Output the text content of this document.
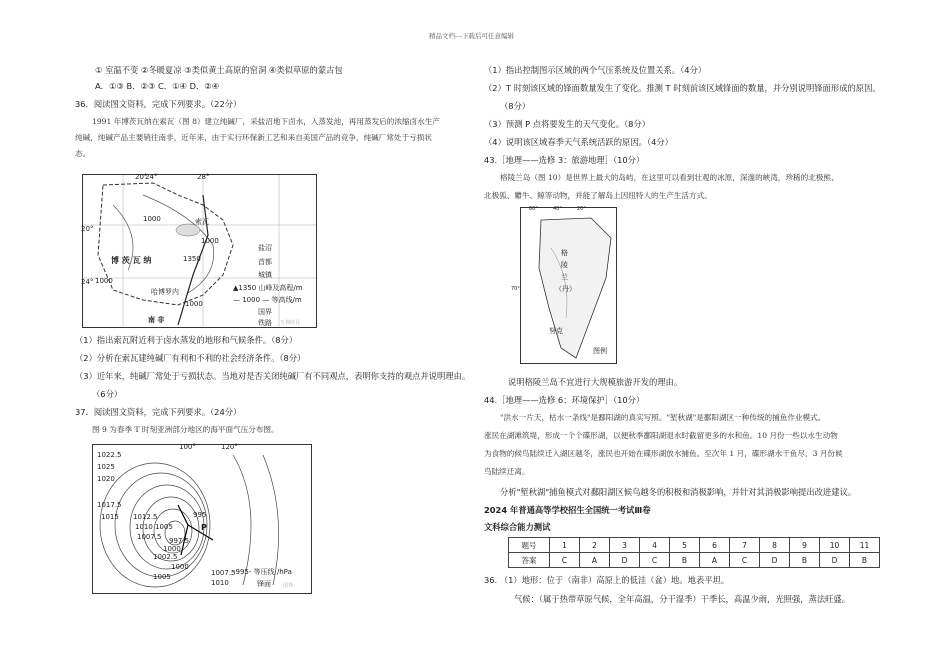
精品文档---下载后可任意编辑
① 室温不变 ②冬暖夏凉 ③类似黄土高原的窑洞 ④类似草原的蒙古包
A．①③ B．②③ C．①④ D．②④
36．阅读图文资料，完成下列要求。（22分）
1991 年博茨瓦纳在索瓦（图 8）建立纯碱厂，采盐沼地下卤水，入蒸发池，再用蒸发后的浓缩卤水生产
纯碱，纯碱产品主要销往南非，近年来，由于实行环保新工艺和来自美国产品的竞争，纯碱厂常处于亏损状
态。
20°
24°	28°
20°
24°
博 茨 瓦 纳
哈博罗内
南 非
索瓦
1000
1000
1000
1000
1350
盐沼
首都
城镇
▲1350 山峰及高程/m
— 1000 — 等高线/m
国界
铁路 万典结目
（1）指出索瓦附近利于卤水蒸发的地形和气候条件。（8分）
（2）分析在索瓦建纯碱厂有利和不利的社会经济条件。（8分）
（3）近年来，纯碱厂常处于亏损状态。当地对是否关闭纯碱厂有不同观点，表明你支持的观点并说明理由。
（6分）
37．阅读图文资料，完成下列要求。（24分）
图 9 为春季 T 时刻亚洲部分地区的海平面气压分布图。
100°	120°
1022.5
1025
1020
1017.5
1015 1012.5
1010
1007.5
1005
1002.5
1000
997.5
995
1000
1005	1007.5
1010
P
-995- 等压线 /hPa
锋面 国界
（1）指出控制图示区域的两个气压系统及位置关系。（4分）
（2）T 时刻该区域的锋面数量发生了变化。推测 T 时刻前该区域锋面的数量，并分别说明锋面形成的原因。
（8分）
（3）预测 P 点将要发生的天气变化。（8分）
（4）说明该区域春季天气系统活跃的原因。（4分）
43.［地理——选修 3：旅游地理］（10分）
格陵兰岛（图 10）是世界上最大的岛屿，在这里可以看到壮观的冰原，深邃的峡湾，珍稀的北极熊、
北极狐、麝牛、鲸等动物，并能了解岛上因纽特人的生产生活方式。
60°	40°	20°
70°
格
陵
兰
（丹）
努克
图例
说明格陵兰岛不宜进行大规模旅游开发的理由。
44.［地理——选修 6：环境保护］（10分）
"洪水一片天，枯水一条线"是鄱阳湖的真实写照。"堑秋湖"是鄱阳湖区一种传统的捕鱼作业模式。
涨民在湖滩筑堤，形成一个个碟形湖，以便秋季鄱阳湖退水时截留更多的水和鱼。10 月份一些以水生动物
为食物的候鸟陆续迁入湖区越冬，涨民也开始在碟形湖放水捕鱼。至次年 1 月，碟形湖水干鱼尽，3 月份候
鸟陆续迁离。
分析"堑秋湖"捕鱼模式对鄱阳湖区候鸟越冬的积极和消极影响，并针对其消极影响提出改进建议。
2024 年普通高等学校招生全国统一考试Ⅲ卷
文科综合能力测试
题号	1	2	3	4	5	6	7	8	9	10	11
答案	C	A	D	C	B	A	C	D	B	D	B
36. （1）地形：位于（南非）高原上的低洼（盆）地。地表平坦。
气候：（属于热带草原气候，全年高温，分干湿季）干季长，高温少雨，光照强，蒸法旺盛。
